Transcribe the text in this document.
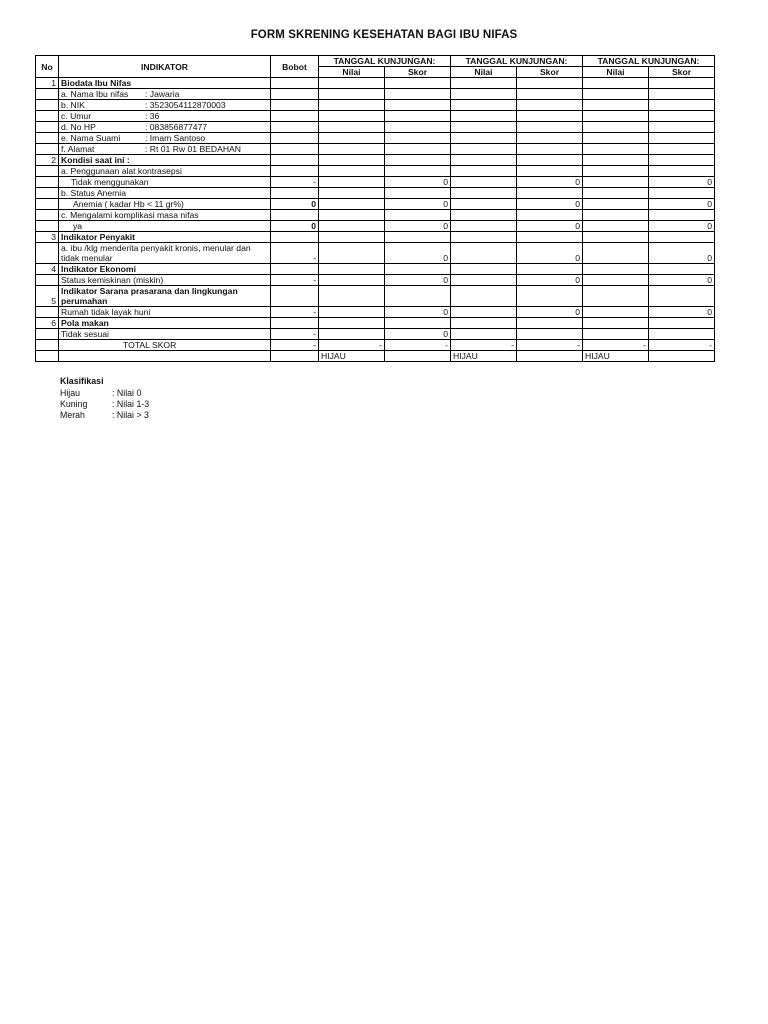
FORM SKRENING KESEHATAN BAGI IBU NIFAS
No	INDIKATOR	Bobot	TANGGAL KUNJUNGAN:		TANGGAL KUNJUNGAN:		TANGGAL KUNJUNGAN:	
			Nilai	Skor	Nilai	Skor	Nilai	Skor
1	Biodata Ibu Nifas							
	a. Nama Ibu nifas : Jawaria							
	b. NIK : 3523054112870003							
	c. Umur : 36							
	d. No HP : 083856877477							
	e. Nama Suami : Imam Santoso							
	f. Alamat : Rt 01 Rw 01 BEDAHAN							
2	Kondisi saat ini :							
	a. Penggunaan alat kontrasepsi							
	Tidak menggunakan	-		0		0		0
	b. Status Anemia							
	Anemia ( kadar Hb < 11 gr%)	0		0		0		0
	c. Mengalami komplikasi masa nifas							
	ya	0		0		0		0
3	Indikator Penyakit							
	a. ibu /klg menderita penyakit kronis, menular dan tidak menular	-		0		0		0
4	Indikator Ekonomi							
	Status kemiskinan (miskin)	-		0		0		0
5	Indikator Sarana prasarana dan lingkungan perumahan							
	Rumah tidak layak huni	-		0		0		0
6	Pola makan							
	Tidak sesuai	-		0				
	TOTAL SKOR	-	-	-	-	-	-	-
			HIJAU		HIJAU		HIJAU	
Klasifikasi
Hijau	: Nilai 0
Kuning	: Nilai 1-3
Merah	: Nilai > 3
